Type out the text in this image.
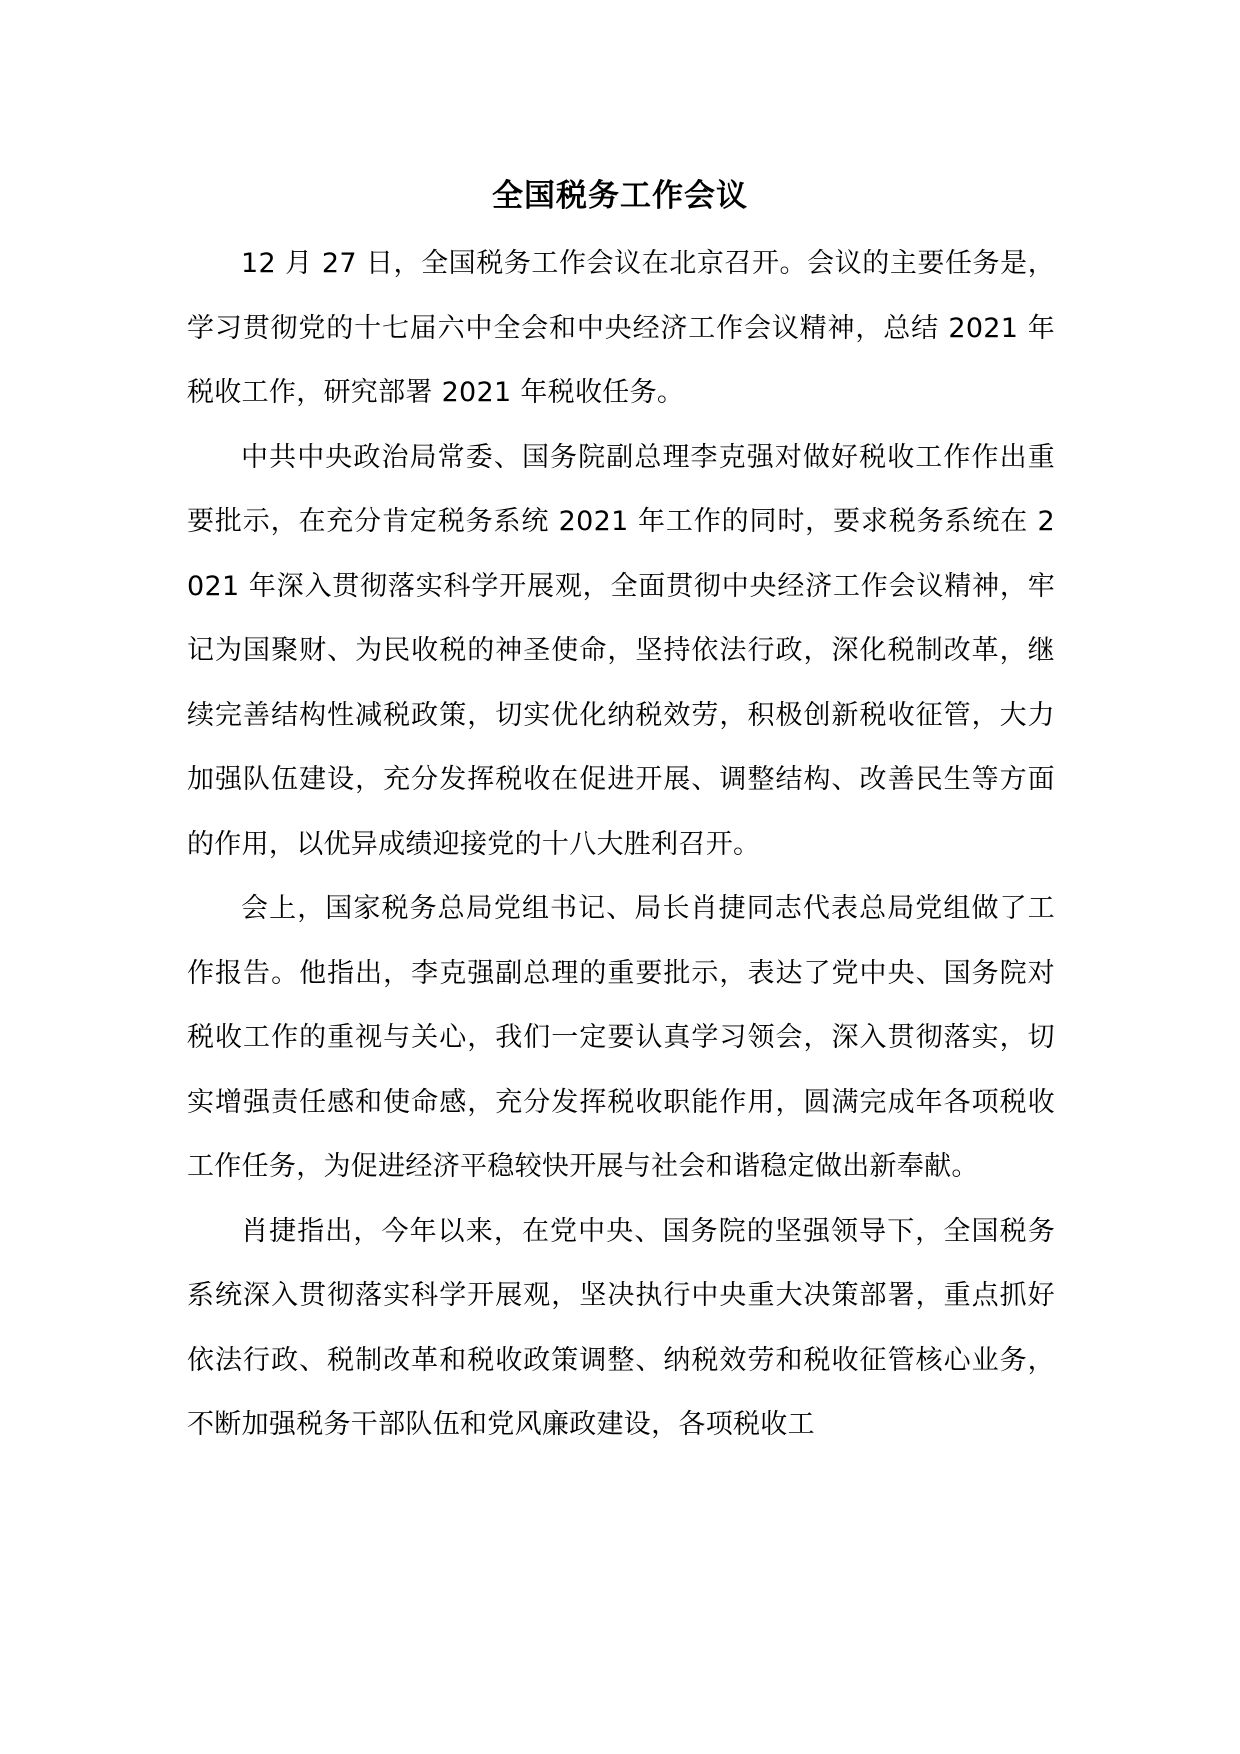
全国税务工作会议

12 月 27 日，全国税务工作会议在北京召开。会议的主要任务是，学习贯彻党的十七届六中全会和中央经济工作会议精神，总结 2021 年税收工作，研究部署 2021 年税收任务。

中共中央政治局常委、国务院副总理李克强对做好税收工作作出重要批示，在充分肯定税务系统 2021 年工作的同时，要求税务系统在 2021 年深入贯彻落实科学开展观，全面贯彻中央经济工作会议精神，牢记为国聚财、为民收税的神圣使命，坚持依法行政，深化税制改革，继续完善结构性减税政策，切实优化纳税效劳，积极创新税收征管，大力加强队伍建设，充分发挥税收在促进开展、调整结构、改善民生等方面的作用，以优异成绩迎接党的十八大胜利召开。

会上，国家税务总局党组书记、局长肖捷同志代表总局党组做了工作报告。他指出，李克强副总理的重要批示，表达了党中央、国务院对税收工作的重视与关心，我们一定要认真学习领会，深入贯彻落实，切实增强责任感和使命感，充分发挥税收职能作用，圆满完成年各项税收工作任务，为促进经济平稳较快开展与社会和谐稳定做出新奉献。

肖捷指出，今年以来，在党中央、国务院的坚强领导下，全国税务系统深入贯彻落实科学开展观，坚决执行中央重大决策部署，重点抓好依法行政、税制改革和税收政策调整、纳税效劳和税收征管核心业务，不断加强税务干部队伍和党风廉政建设，各项税收工
